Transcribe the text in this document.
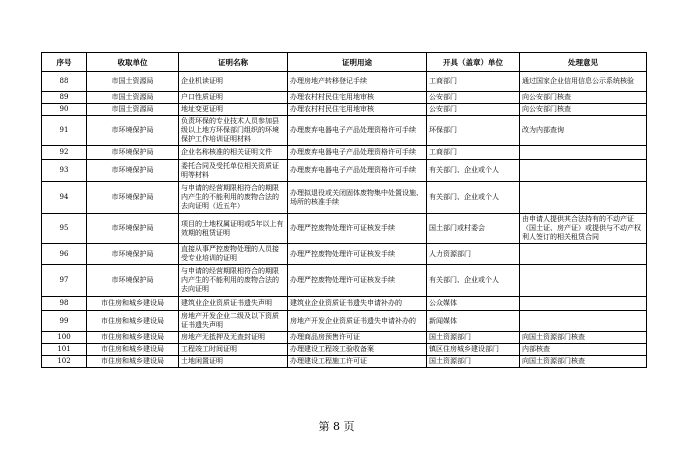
序号	收取单位	证明名称	证明用途	开具（盖章）单位	处理意见
88	市国土资源局	企业机读证明	办理房地产转移登记手续	工商部门	通过国家企业信用信息公示系统核验
89	市国土资源局	户口性质证明	办理农村村民住宅用地审核	公安部门	向公安部门核查
90	市国土资源局	地址变更证明	办理农村村民住宅用地审核	公安部门	向公安部门核查
91	市环境保护局	负责环保的专业技术人员参加县级以上地方环保部门组织的环境保护工作培训证明材料	办理废弃电器电子产品处理资格许可手续	环保部门	改为内部查询
92	市环境保护局	企业名称核准的相关证明文件	办理废弃电器电子产品处理资格许可手续	工商部门	
93	市环境保护局	委托合同及受托单位相关资质证明等材料	办理废弃电器电子产品处理资格许可手续	有关部门、企业或个人	
94	市环境保护局	与申请的经营期限相符合的期限内产生的不能利用的废物合法的去向证明（近五年）	办理拟退役或关闭固体废物集中处置设施、场所的核准手续	有关部门、企业或个人	
95	市环境保护局	项目的土地权属证明或5年以上有效期的租赁证明	办理严控废物处理许可证核发手续	国土部门或村委会	由申请人提供其合法持有的不动产证（国土证、房产证）或提供与不动产权利人签订的相关租赁合同
96	市环境保护局	直接从事严控废物处理的人员接受专业培训的证明	办理严控废物处理许可证核发手续	人力资源部门	
97	市环境保护局	与申请的经营期限相符合的期限内产生的不能利用的废物合法的去向证明	办理严控废物处理许可证核发手续	有关部门、企业或个人	
98	市住房和城乡建设局	建筑业企业资质证书遗失声明	建筑业企业资质证书遗失申请补办的	公众媒体	
99	市住房和城乡建设局	房地产开发企业二级及以下资质证书遗失声明	房地产开发企业资质证书遗失申请补办的	新闻媒体	
100	市住房和城乡建设局	房地产无抵押及无查封证明	办理商品房预售许可证	国土资源部门	向国土资源部门核查
101	市住房和城乡建设局	工程竣工时间证明	办理建设工程竣工验收备案	镇区住房城乡建设部门	内部核查
102	市住房和城乡建设局	土地闲置证明	办理建设工程施工许可证	国土资源部门	向国土资源部门核查
第 8 页
